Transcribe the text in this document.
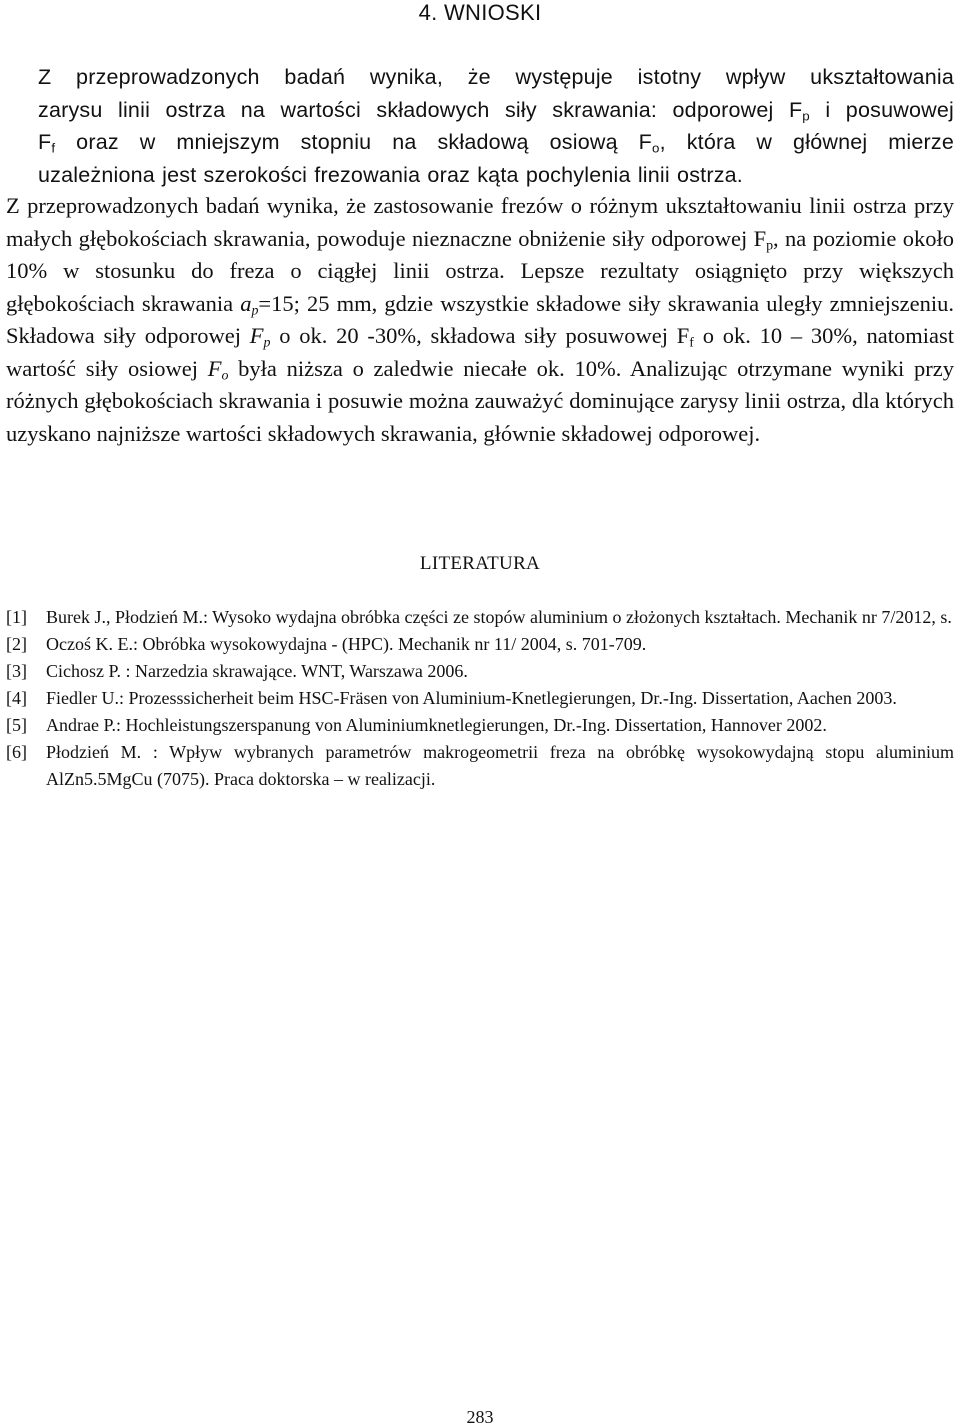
4. WNIOSKI
Z przeprowadzonych badań wynika, że występuje istotny wpływ ukształtowania
zarysu linii ostrza na wartości składowych siły skrawania: odporowej $F_p$ i posuwowej
$F_f$ oraz w mniejszym stopniu na składową osiową $F_o$, która w głównej mierze
uzależniona jest szerokości frezowania oraz kąta pochylenia linii ostrza.

Z przeprowadzonych badań wynika, że zastosowanie frezów o różnym ukształtowaniu linii ostrza przy małych głębokościach skrawania, powoduje nieznaczne obniżenie siły odporowej $F_p$, na poziomie około 10% w stosunku do freza o ciągłej linii ostrza. Lepsze rezultaty osiągnięto przy większych głębokościach skrawania $a_p=15$; 25 mm, gdzie wszystkie składowe siły skrawania uległy zmniejszeniu. Składowa siły odporowej $F_p$ o ok. 20 -30%, składowa siły posuwowej $F_f$ o ok. 10 – 30%, natomiast wartość siły osiowej $F_o$ była niższa o zaledwie niecałe ok. 10%. Analizując otrzymane wyniki przy różnych głębokościach skrawania i posuwie można zauważyć dominujące zarysy linii ostrza, dla których uzyskano najniższe wartości składowych skrawania, głównie składowej odporowej.

LITERATURA
[1] Burek J., Płodzień M.: Wysoko wydajna obróbka części ze stopów aluminium o złożonych kształtach. Mechanik nr 7/2012, s.
[2] Oczoś K. E.: Obróbka wysokowydajna - (HPC). Mechanik nr 11/ 2004, s. 701-709.
[3] Cichosz P. : Narzedzia skrawające. WNT, Warszawa 2006.
[4] Fiedler U.: Prozesssicherheit beim HSC-Fräsen von Aluminium-Knetlegierungen, Dr.-Ing. Dissertation, Aachen 2003.
[5] Andrae P.: Hochleistungszerspanung von Aluminiumknetlegierungen, Dr.-Ing. Dissertation, Hannover 2002.
[6] Płodzień M. : Wpływ wybranych parametrów makrogeometrii freza na obróbkę wysokowydajną stopu aluminium AlZn5.5MgCu (7075). Praca doktorska – w realizacji.
283
